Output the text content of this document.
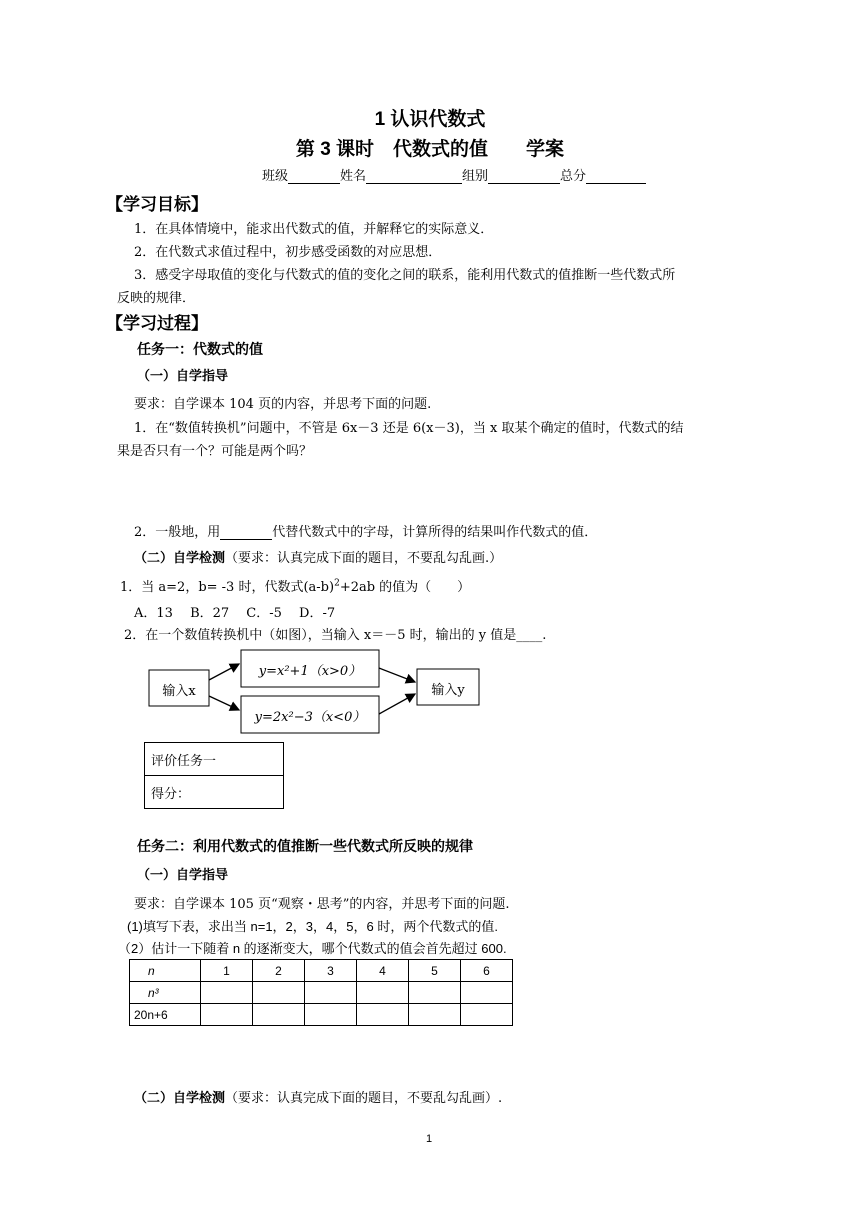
1 认识代数式
第 3 课时　代数式的值　　学案
班级	姓名	组别	总分
【学习目标】
1．在具体情境中，能求出代数式的值，并解释它的实际意义．
2．在代数式求值过程中，初步感受函数的对应思想．
3．感受字母取值的变化与代数式的值的变化之间的联系，能利用代数式的值推断一些代数式所
反映的规律．
【学习过程】
任务一：代数式的值
（一）自学指导
要求：自学课本 104 页的内容，并思考下面的问题.
1．在“数值转换机”问题中，不管是 6x－3 还是 6(x－3)，当 x 取某个确定的值时，代数式的结
果是否只有一个？可能是两个吗？
2．一般地，用	代替代数式中的字母，计算所得的结果叫作代数式的值．
（二）自学检测（要求：认真完成下面的题目，不要乱勾乱画.）
1．当 a=2，b= -3 时，代数式$(a-b)^2+2ab$ 的值为（　　）
A．13　 B．27　 C．-5　 D．-7
2．在一个数值转换机中（如图），当输入 x＝－5 时，输出的 y 值是____.
输入x
y=x²+1（x>0）
y=2x²−3（x<0）
输入y
评价任务一
得分：
任务二：利用代数式的值推断一些代数式所反映的规律
（一）自学指导
要求：自学课本 105 页“观察・思考”的内容，并思考下面的问题.
(1)填写下表，求出当 n=1，2，3，4，5，6 时，两个代数式的值.
（2）估计一下随着 n 的逐渐变大，哪个代数式的值会首先超过 600.
n	1	2	3	4	5	6
n³						
20n+6						
（二）自学检测（要求：认真完成下面的题目，不要乱勾乱画）.
1
